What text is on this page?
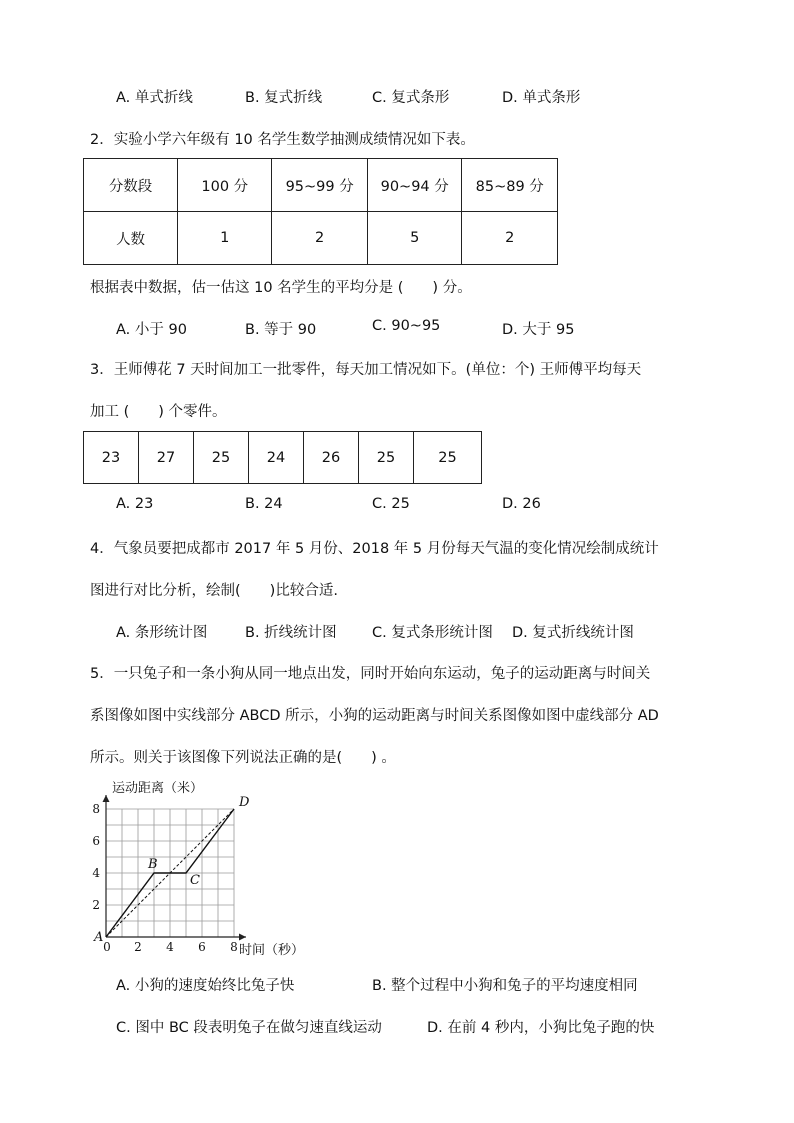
A. 单式折线	B. 复式折线	C. 复式条形	D. 单式条形
2．实验小学六年级有 10 名学生数学抽测成绩情况如下表。
分数段	100 分	95~99 分	90~94 分	85~89 分
人数	1	2	5	2
根据表中数据，估一估这 10 名学生的平均分是 (　　) 分。
A. 小于 90	B. 等于 90	C. 90~95	D. 大于 95
3．王师傅花 7 天时间加工一批零件，每天加工情况如下。(单位：个) 王师傅平均每天
加工 (　　) 个零件。
23	27	25	24	26	25	25
A. 23	B. 24	C. 25	D. 26
4．气象员要把成都市 2017 年 5 月份、2018 年 5 月份每天气温的变化情况绘制成统计
图进行对比分析，绘制(　　)比较合适.
A. 条形统计图	B. 折线统计图 C. 复式条形统计图 D. 复式折线统计图
5．一只兔子和一条小狗从同一地点出发，同时开始向东运动，兔子的运动距离与时间关
系图像如图中实线部分 ABCD 所示，小狗的运动距离与时间关系图像如图中虚线部分 AD
所示。则关于该图像下列说法正确的是(　　) 。
0 2 4 6 8
2
4
6
8
A
B
C
D
运动距离（米）
时间（秒）
A. 小狗的速度始终比兔子快	B. 整个过程中小狗和兔子的平均速度相同
C. 图中 BC 段表明兔子在做匀速直线运动	D. 在前 4 秒内，小狗比兔子跑的快
